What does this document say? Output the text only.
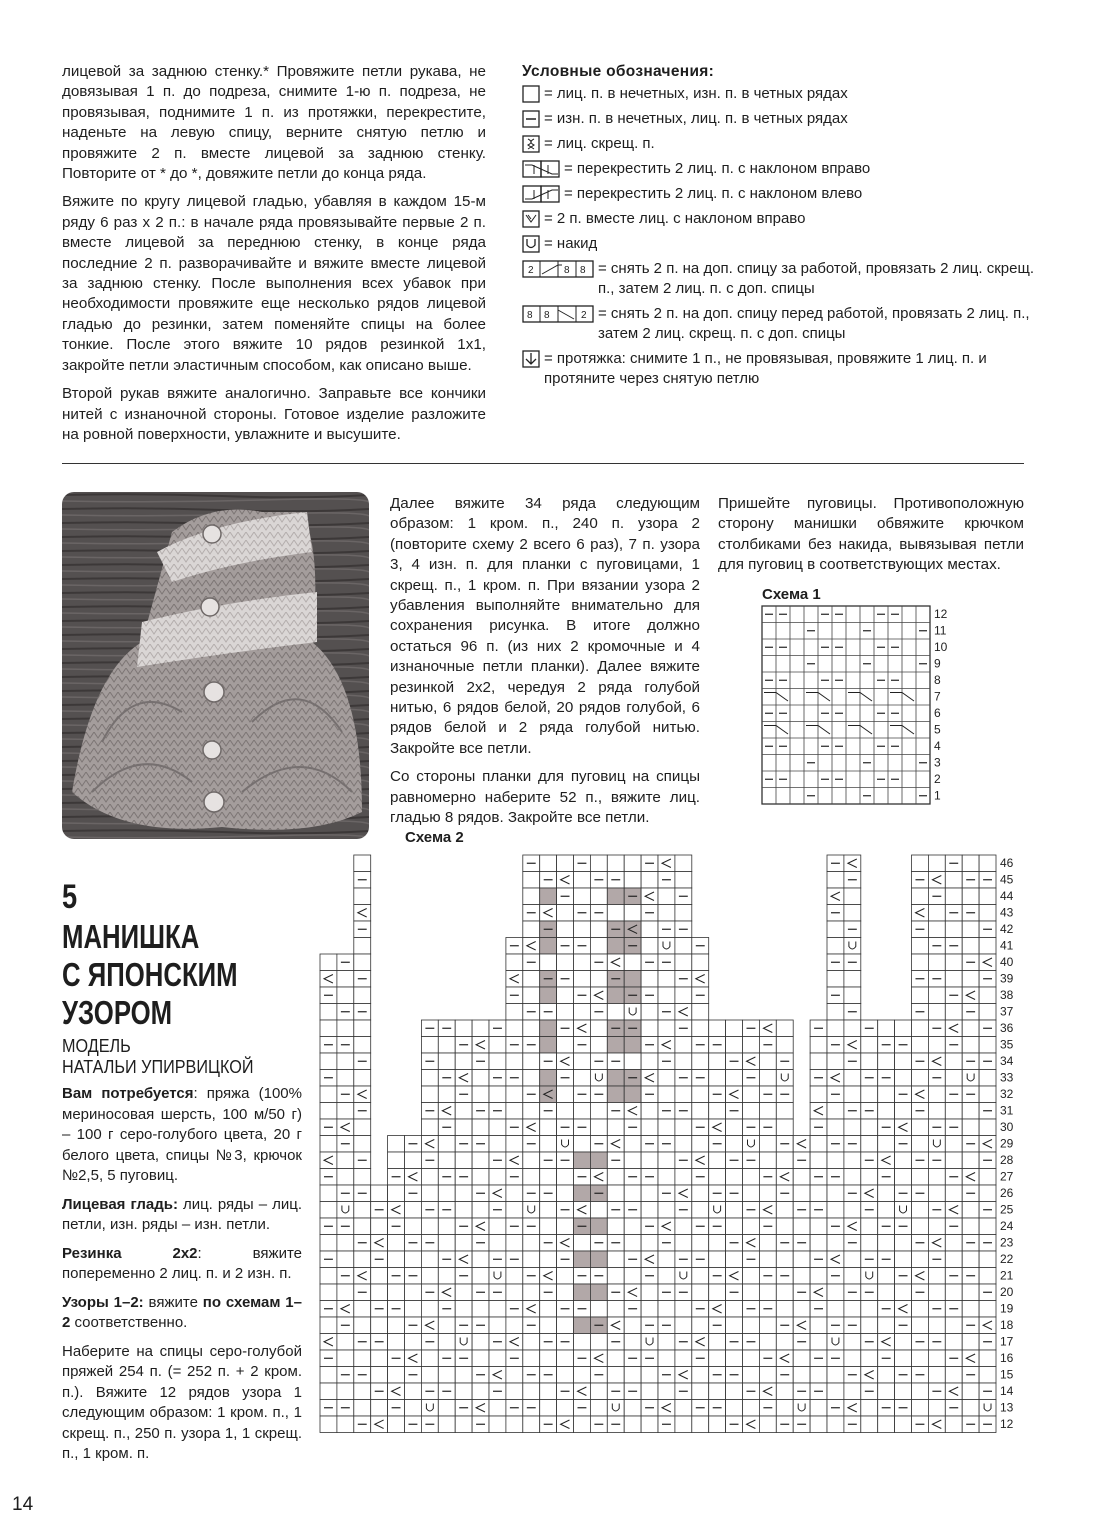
лицевой за заднюю стенку.* Провяжите петли рукава, не довязывая 1 п. до подреза, снимите 1-ю п. подреза, не провязывая, поднимите 1 п. из протяжки, перекрестите, наденьте на левую спицу, верните снятую петлю и провяжите 2 п. вместе лицевой за заднюю стенку. Повторите от * до *, довяжите петли до конца ряда.

Вяжите по кругу лицевой гладью, убавляя в каждом 15-м ряду 6 раз х 2 п.: в начале ряда провязывайте первые 2 п. вместе лицевой за переднюю стенку, в конце ряда последние 2 п. разворачивайте и вяжите вместе лицевой за заднюю стенку. После выполнения всех убавок при необходимости провяжите еще несколько рядов лицевой гладью до резинки, затем поменяйте спицы на более тонкие. После этого вяжите 10 рядов резинкой 1х1, закройте петли эластичным способом, как описано выше.

Второй рукав вяжите аналогично. Заправьте все кончики нитей с изнаночной стороны. Готовое изделие разложите на ровной поверхности, увлажните и высушите.

Условные обозначения:
= лиц. п. в нечетных, изн. п. в четных рядах
= изн. п. в нечетных, лиц. п. в четных рядах
= лиц. скрещ. п.
= перекрестить 2 лиц. п. с наклоном вправо
= перекрестить 2 лиц. п. с наклоном влево
= 2 п. вместе лиц. с наклоном вправо
= накид
2	8
8 = снять 2 п. на доп. спицу за работой, провязать 2 лиц. скрещ. п., затем 2 лиц. п. с доп. спицы
8 8	2 = снять 2 п. на доп. спицу перед работой, провязать 2 лиц. п., затем 2 лиц. скрещ. п. с доп. спицы
= протяжка: снимите 1 п., не провязывая, провяжите 1 лиц. п. и протяните через снятую петлю

Далее вяжите 34 ряда следующим образом: 1 кром. п., 240 п. узора 2 (повторите схему 2 всего 6 раз), 7 п. узора 3, 4 изн. п. для планки с пуговицами, 1 скрещ. п., 1 кром. п. При вязании узора 2 убавления выполняйте внимательно для сохранения рисунка. В итоге должно остаться 96 п. (из них 2 кромочные и 4 изнаночные петли планки). Далее вяжите резинкой 2х2, чередуя 2 ряда голубой нитью, 6 рядов белой, 20 рядов голубой, 6 рядов белой и 2 ряда голубой нитью. Закройте все петли.

Со стороны планки для пуговиц на спицы равномерно наберите 52 п., вяжите лиц. гладью 8 рядов. Закройте все петли.

Пришейте пуговицы. Противоположную сторону манишки обвяжите крючком столбиками без накида, вывязывая петли для пуговиц в соответствующих местах.

Схема 1
12
11
10
9
8
7
6
5
4
3
2
1
Схема 2
46
45
44
43
42
41
40
39
38
37
36
35
34
33
32
31
30
29
28
27
26
25
24
23
22
21
20
19
18
17
16
15
14
13
12
5
МАНИШКА
С ЯПОНСКИМ
УЗОРОМ
МОДЕЛЬ
НАТАЛЬИ УПИРВИЦКОЙ

Вам потребуется: пряжа (100% мериносовая шерсть, 100 м/50 г) – 100 г серо-голубого цвета, 20 г белого цвета, спицы №3, крючок №2,5, 5 пуговиц.

Лицевая гладь: лиц. ряды – лиц. петли, изн. ряды – изн. петли.

Резинка 2х2: вяжите попеременно 2 лиц. п. и 2 изн. п.

Узоры 1–2: вяжите по схемам 1–2 соответственно.

Наберите на спицы серо-голубой пряжей 254 п. (= 252 п. + 2 кром. п.). Вяжите 12 рядов узора 1 следующим образом: 1 кром. п., 1 скрещ. п., 250 п. узора 1, 1 скрещ. п., 1 кром. п.

14
